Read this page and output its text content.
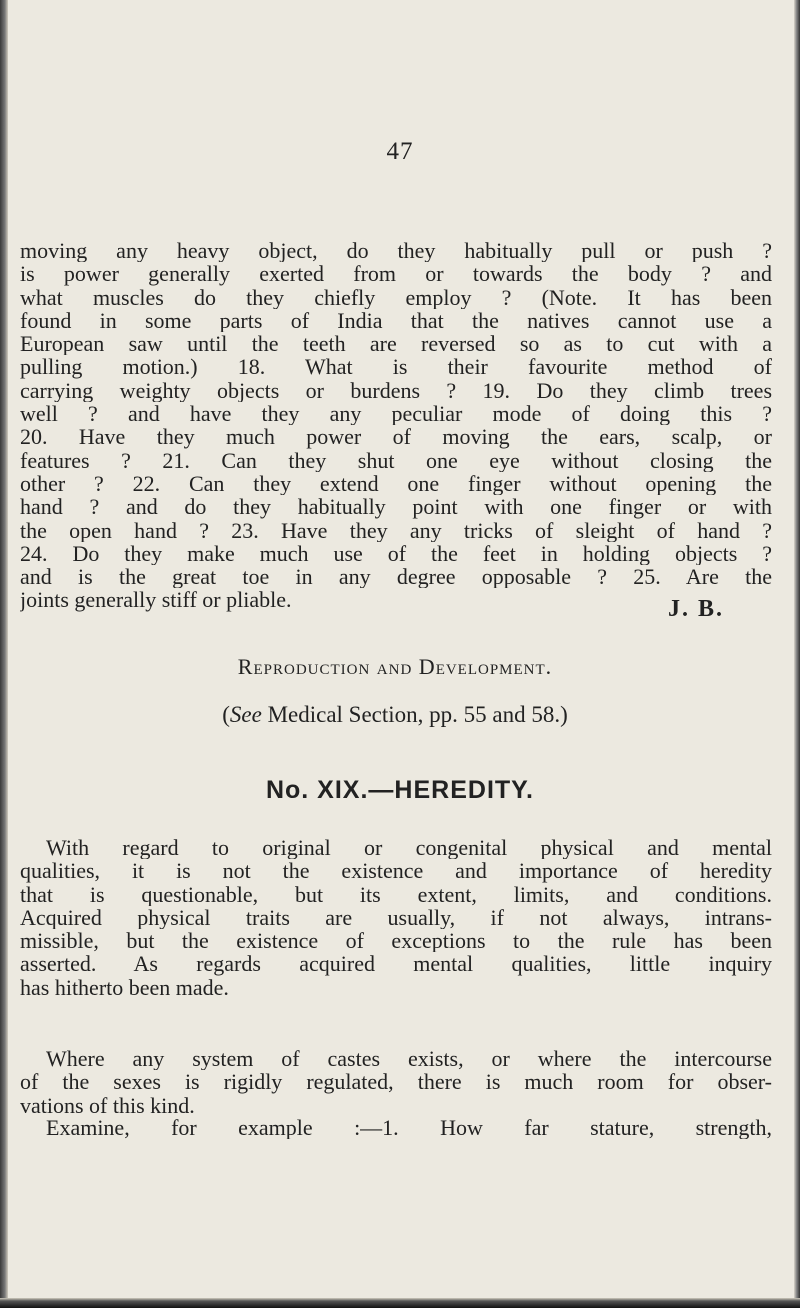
47

moving any heavy object, do they habitually pull or push ?
is power generally exerted from or towards the body ? and
what muscles do they chiefly employ ? (Note. It has been
found in some parts of India that the natives cannot use a
European saw until the teeth are reversed so as to cut with a
pulling motion.) 18. What is their favourite method of
carrying weighty objects or burdens ? 19. Do they climb trees
well ? and have they any peculiar mode of doing this ?
20. Have they much power of moving the ears, scalp, or
features ? 21. Can they shut one eye without closing the
other ? 22. Can they extend one finger without opening the
hand ? and do they habitually point with one finger or with
the open hand ? 23. Have they any tricks of sleight of hand ?
24. Do they make much use of the feet in holding objects ?
and is the great toe in any degree opposable ? 25. Are the
joints generally stiff or pliable.	J. B.
Reproduction and Development.
(See Medical Section, pp. 55 and 58.)
No. XIX.—HEREDITY.

With regard to original or congenital physical and mental
qualities, it is not the existence and importance of heredity
that is questionable, but its extent, limits, and conditions.
Acquired physical traits are usually, if not always, intrans-
missible, but the existence of exceptions to the rule has been
asserted. As regards acquired mental qualities, little inquiry
has hitherto been made.

Where any system of castes exists, or where the intercourse
of the sexes is rigidly regulated, there is much room for obser-
vations of this kind.

Examine, for example :—1. How far stature, strength,
